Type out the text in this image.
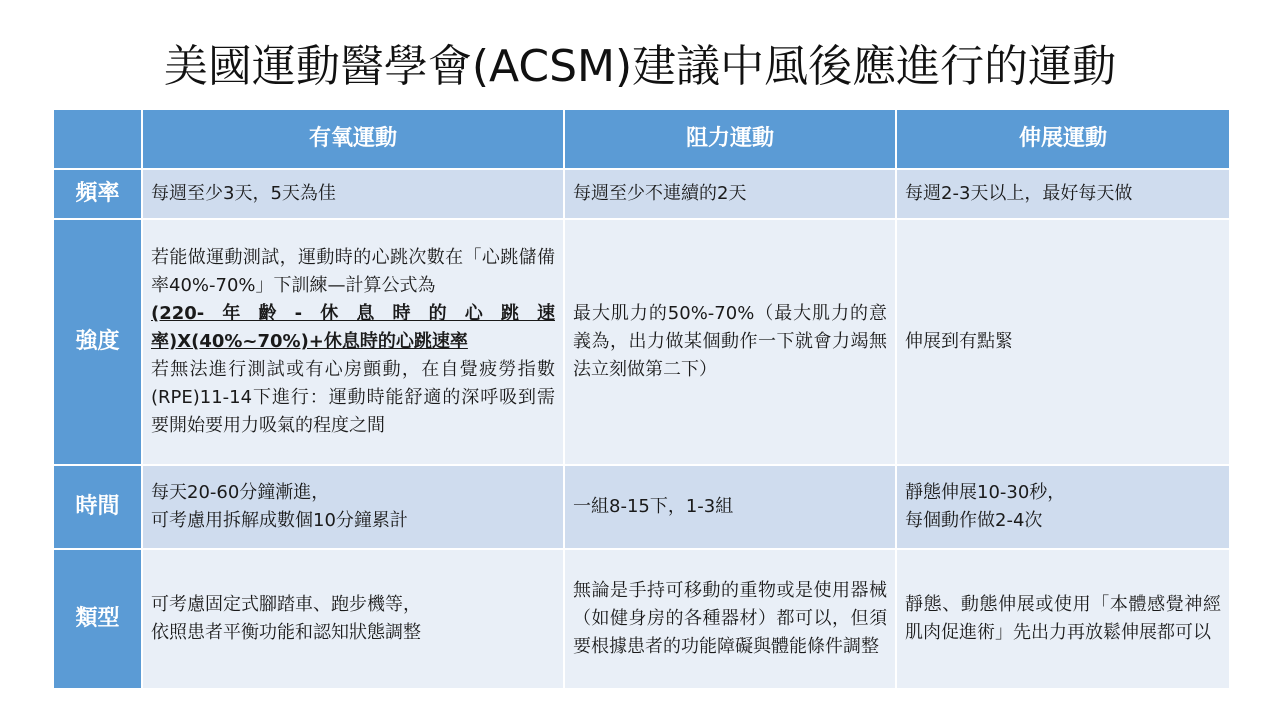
美國運動醫學會(ACSM)建議中風後應進行的運動
	有氧運動	阻力運動	伸展運動
頻率	每週至少3天，5天為佳	每週至少不連續的2天	每週2-3天以上，最好每天做
強度	若能做運動測試，運動時的心跳次數在「心跳儲備率40%-70%」下訓練—計算公式為
(220-年齡-休息時的心跳速率)X(40%~70%)+休息時的心跳速率
若無法進行測試或有心房顫動，在自覺疲勞指數(RPE)11-14下進行：運動時能舒適的深呼吸到需要開始要用力吸氣的程度之間	最大肌力的50%-70%（最大肌力的意義為，出力做某個動作一下就會力竭無法立刻做第二下）	伸展到有點緊
時間	每天20-60分鐘漸進，
可考慮用拆解成數個10分鐘累計	一組8-15下，1-3組	靜態伸展10-30秒，
每個動作做2-4次

類型	可考慮固定式腳踏車、跑步機等，
依照患者平衡功能和認知狀態調整	無論是手持可移動的重物或是使用器械（如健身房的各種器材）都可以，但須要根據患者的功能障礙與體能條件調整	靜態、動態伸展或使用「本體感覺神經肌肉促進術」先出力再放鬆伸展都可以
